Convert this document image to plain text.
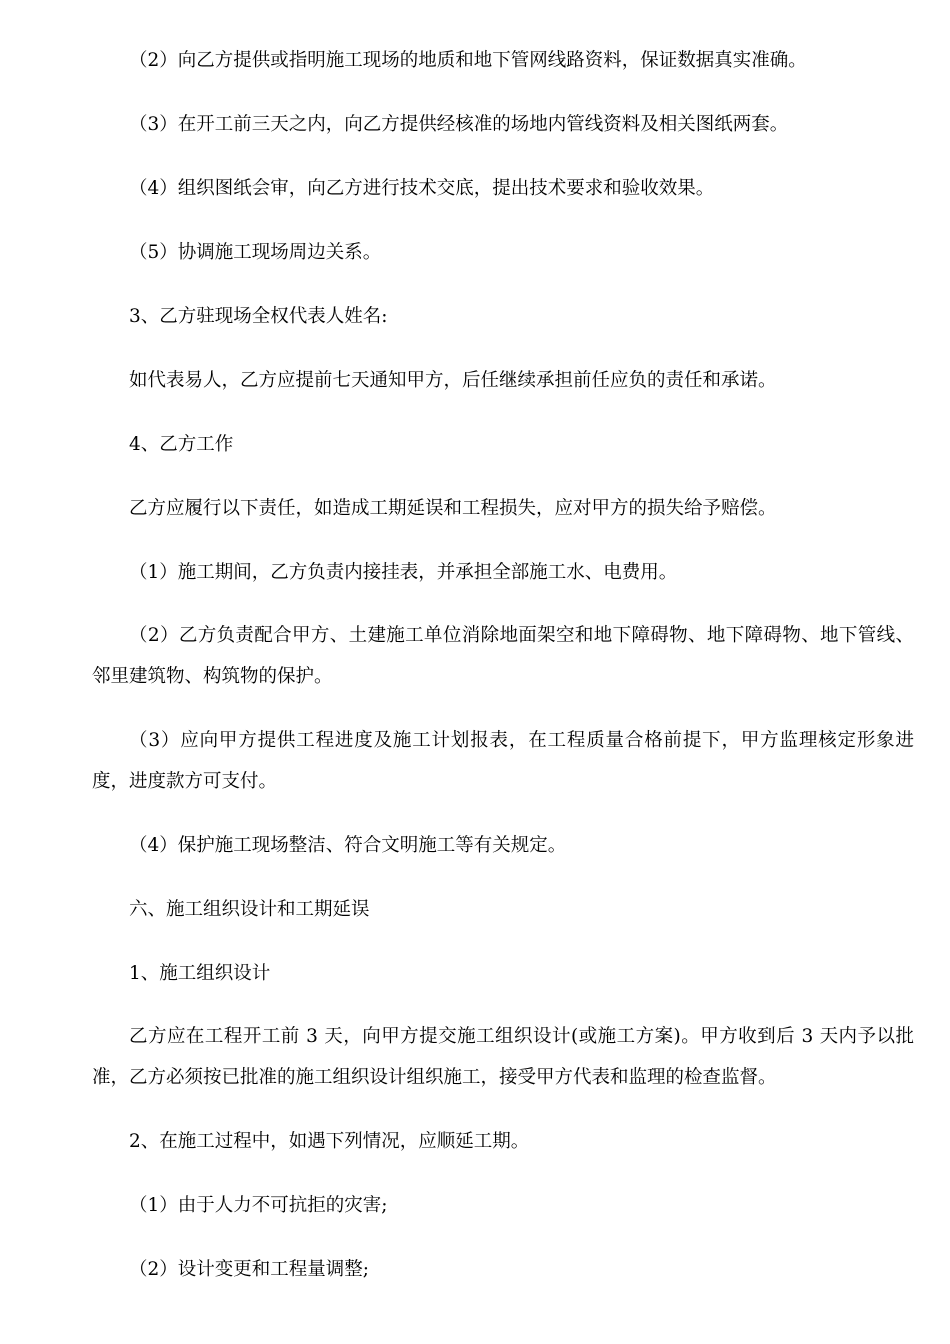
（2）向乙方提供或指明施工现场的地质和地下管网线路资料，保证数据真实准确。

（3）在开工前三天之内，向乙方提供经核准的场地内管线资料及相关图纸两套。

（4）组织图纸会审，向乙方进行技术交底，提出技术要求和验收效果。

（5）协调施工现场周边关系。

3、乙方驻现场全权代表人姓名:

如代表易人，乙方应提前七天通知甲方，后任继续承担前任应负的责任和承诺。

4、乙方工作

乙方应履行以下责任，如造成工期延误和工程损失，应对甲方的损失给予赔偿。

（1）施工期间，乙方负责内接挂表，并承担全部施工水、电费用。

（2）乙方负责配合甲方、土建施工单位消除地面架空和地下障碍物、地下障碍物、地下管线、邻里建筑物、构筑物的保护。

（3）应向甲方提供工程进度及施工计划报表，在工程质量合格前提下，甲方监理核定形象进度，进度款方可支付。

（4）保护施工现场整洁、符合文明施工等有关规定。

六、施工组织设计和工期延误

1、施工组织设计

乙方应在工程开工前 3 天，向甲方提交施工组织设计(或施工方案)。甲方收到后 3 天内予以批准，乙方必须按已批准的施工组织设计组织施工，接受甲方代表和监理的检查监督。

2、在施工过程中，如遇下列情况，应顺延工期。

（1）由于人力不可抗拒的灾害;

（2）设计变更和工程量调整;
